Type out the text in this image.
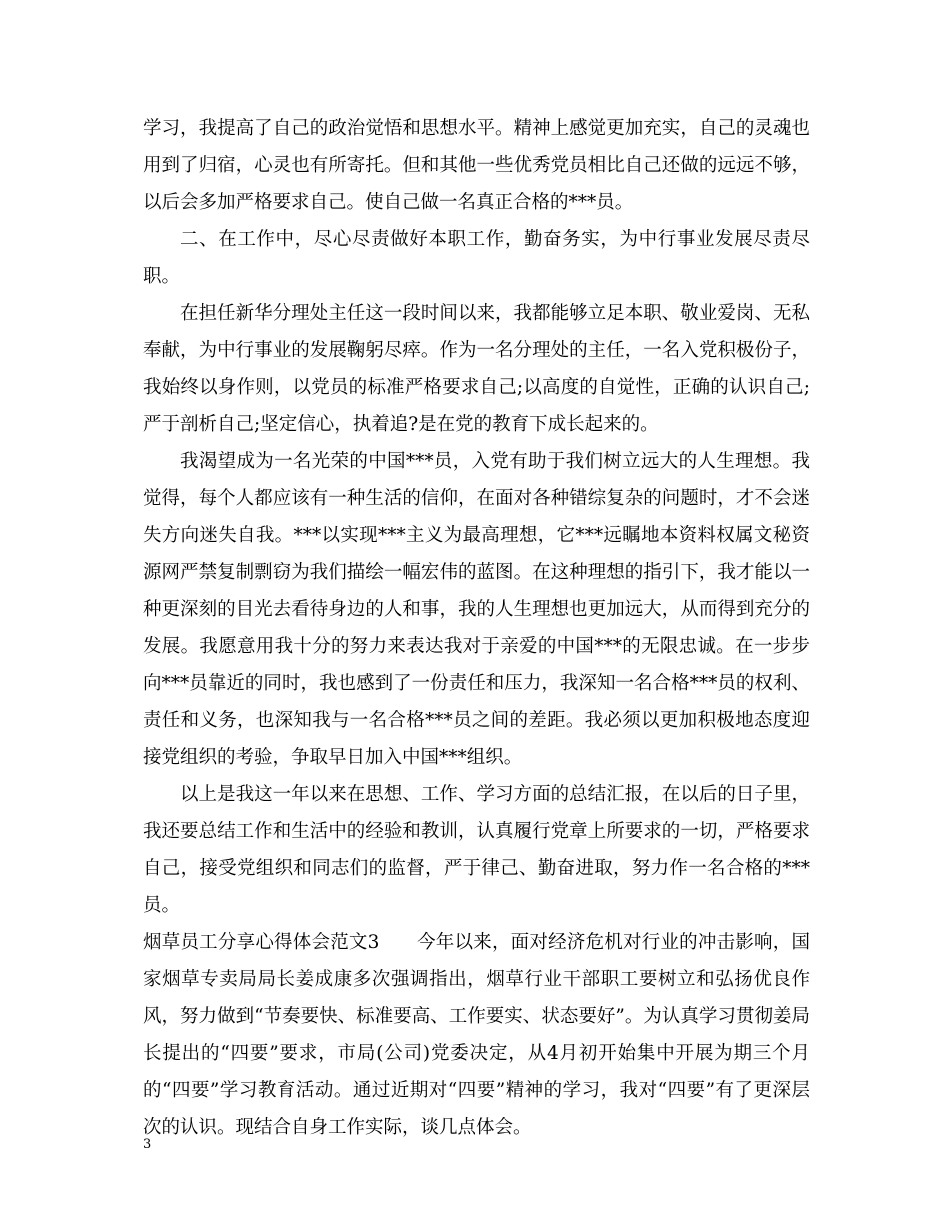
学习，我提高了自己的政治觉悟和思想水平。精神上感觉更加充实，自己的灵魂也用到了归宿，心灵也有所寄托。但和其他一些优秀党员相比自己还做的远远不够，以后会多加严格要求自己。使自己做一名真正合格的***员。

二、在工作中，尽心尽责做好本职工作，勤奋务实，为中行事业发展尽责尽职。

在担任新华分理处主任这一段时间以来，我都能够立足本职、敬业爱岗、无私奉献，为中行事业的发展鞠躬尽瘁。作为一名分理处的主任，一名入党积极份子，我始终以身作则，以党员的标准严格要求自己;以高度的自觉性，正确的认识自己;严于剖析自己;坚定信心，执着追?是在党的教育下成长起来的。

我渴望成为一名光荣的中国***员，入党有助于我们树立远大的人生理想。我觉得，每个人都应该有一种生活的信仰，在面对各种错综复杂的问题时，才不会迷失方向迷失自我。***以实现***主义为最高理想，它***远瞩地本资料权属文秘资源网严禁复制剽窃为我们描绘一幅宏伟的蓝图。在这种理想的指引下，我才能以一种更深刻的目光去看待身边的人和事，我的人生理想也更加远大，从而得到充分的发展。我愿意用我十分的努力来表达我对于亲爱的中国***的无限忠诚。在一步步向***员靠近的同时，我也感到了一份责任和压力，我深知一名合格***员的权利、责任和义务，也深知我与一名合格***员之间的差距。我必须以更加积极地态度迎接党组织的考验，争取早日加入中国***组织。

以上是我这一年以来在思想、工作、学习方面的总结汇报，在以后的日子里，我还要总结工作和生活中的经验和教训，认真履行党章上所要求的一切，严格要求自己，接受党组织和同志们的监督，严于律己、勤奋进取，努力作一名合格的***员。

烟草员工分享心得体会范文3　　今年以来，面对经济危机对行业的冲击影响，国家烟草专卖局局长姜成康多次强调指出，烟草行业干部职工要树立和弘扬优良作风，努力做到“节奏要快、标准要高、工作要实、状态要好”。为认真学习贯彻姜局长提出的“四要”要求，市局(公司)党委决定，从4月初开始集中开展为期三个月的“四要”学习教育活动。通过近期对“四要”精神的学习，我对“四要”有了更深层次的认识。现结合自身工作实际，谈几点体会。

3
